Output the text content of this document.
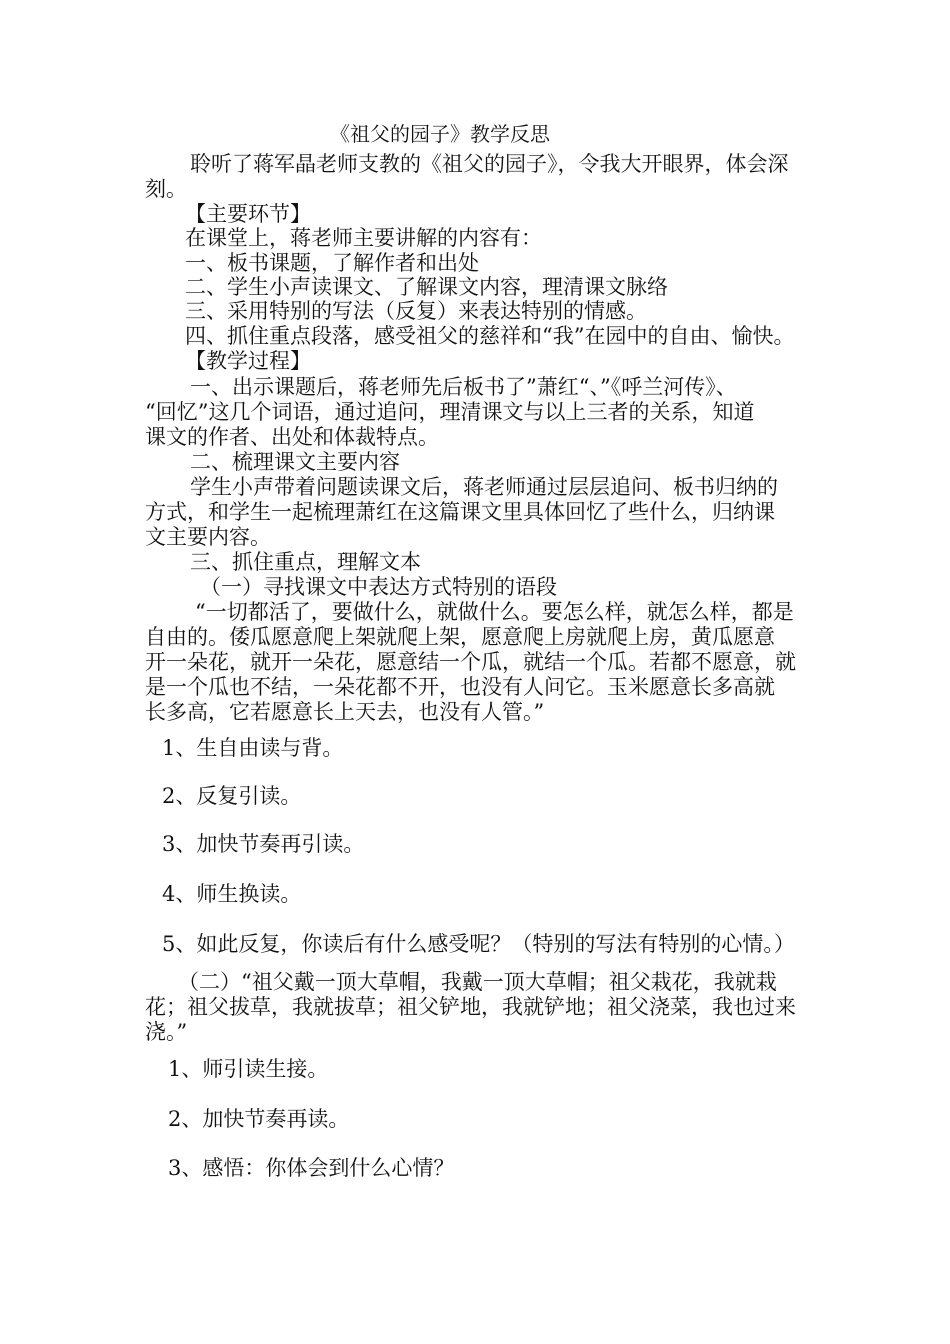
《祖父的园子》教学反思
聆听了蒋军晶老师支教的《祖父的园子》，令我大开眼界，体会深
刻。
【主要环节】
在课堂上，蒋老师主要讲解的内容有：
一、板书课题，了解作者和出处
二、学生小声读课文、了解课文内容，理清课文脉络
三、采用特别的写法（反复）来表达特别的情感。
四、抓住重点段落，感受祖父的慈祥和“我”在园中的自由、愉快。
【教学过程】
一、出示课题后，蒋老师先后板书了”萧红“、”《呼兰河传》、
“回忆”这几个词语，通过追问，理清课文与以上三者的关系，知道
课文的作者、出处和体裁特点。
二、梳理课文主要内容
学生小声带着问题读课文后，蒋老师通过层层追问、板书归纳的
方式，和学生一起梳理萧红在这篇课文里具体回忆了些什么，归纳课
文主要内容。
三、抓住重点，理解文本
（一）寻找课文中表达方式特别的语段
“一切都活了，要做什么，就做什么。要怎么样，就怎么样，都是
自由的。倭瓜愿意爬上架就爬上架，愿意爬上房就爬上房，黄瓜愿意
开一朵花，就开一朵花，愿意结一个瓜，就结一个瓜。若都不愿意，就
是一个瓜也不结，一朵花都不开，也没有人问它。玉米愿意长多高就
长多高，它若愿意长上天去，也没有人管。”
1、生自由读与背。
2、反复引读。
3、加快节奏再引读。
4、师生换读。
5、如此反复，你读后有什么感受呢？（特别的写法有特别的心情。）
（二）“祖父戴一顶大草帽，我戴一顶大草帽；祖父栽花，我就栽
花；祖父拔草，我就拔草；祖父铲地，我就铲地；祖父浇菜，我也过来
浇。”
1、师引读生接。
2、加快节奏再读。
3、感悟：你体会到什么心情？
